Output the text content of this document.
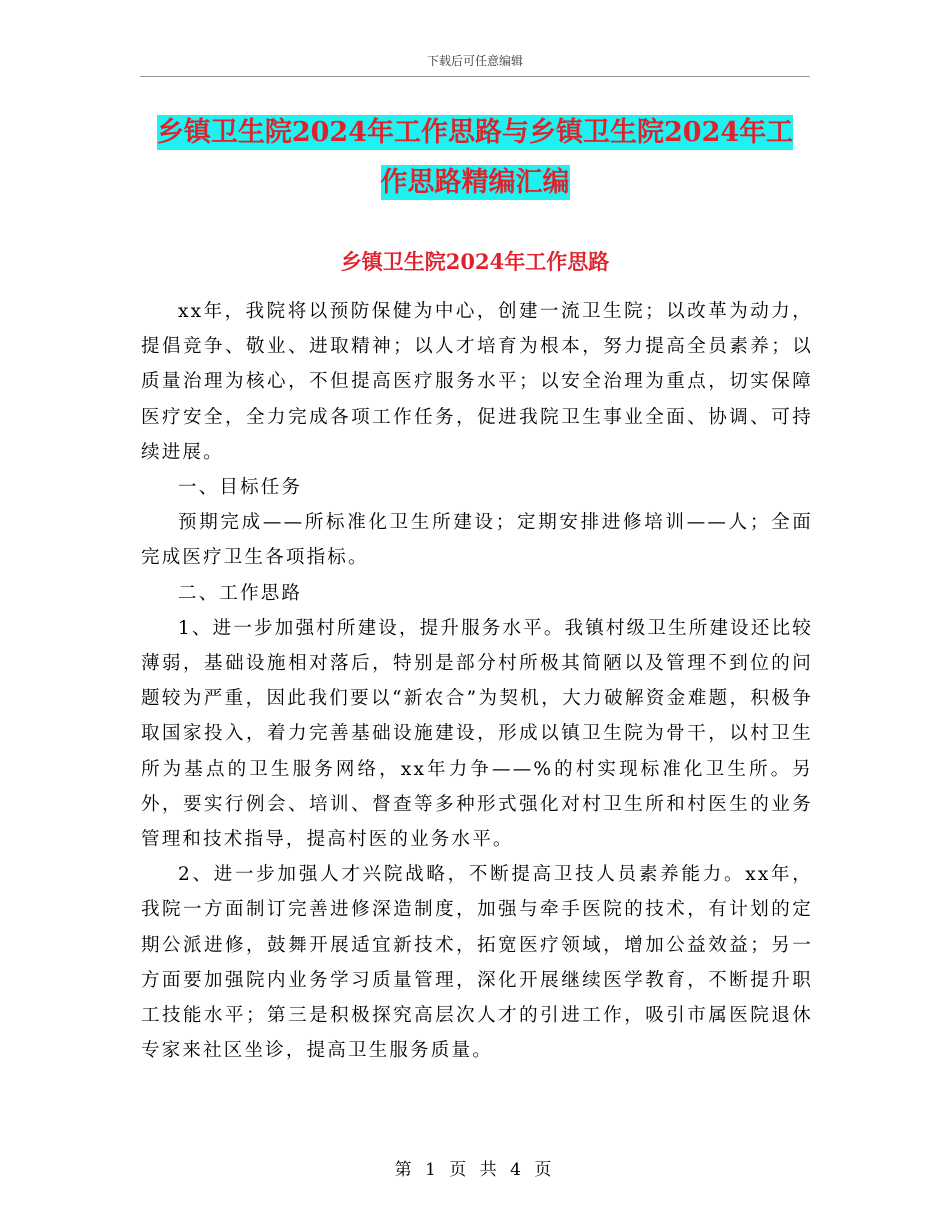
下载后可任意编辑
乡镇卫生院2024年工作思路与乡镇卫生院2024年工
作思路精编汇编
乡镇卫生院2024年工作思路

xx年，我院将以预防保健为中心，创建一流卫生院；以改革为动力，提倡竞争、敬业、进取精神；以人才培育为根本，努力提高全员素养；以质量治理为核心，不但提高医疗服务水平；以安全治理为重点，切实保障医疗安全，全力完成各项工作任务，促进我院卫生事业全面、协调、可持续进展。

一、目标任务

预期完成——所标准化卫生所建设；定期安排进修培训——人；全面完成医疗卫生各项指标。

二、工作思路

1、进一步加强村所建设，提升服务水平。我镇村级卫生所建设还比较薄弱，基础设施相对落后，特别是部分村所极其简陋以及管理不到位的问题较为严重，因此我们要以“新农合”为契机，大力破解资金难题，积极争取国家投入，着力完善基础设施建设，形成以镇卫生院为骨干，以村卫生所为基点的卫生服务网络，xx年力争——%的村实现标准化卫生所。另外，要实行例会、培训、督查等多种形式强化对村卫生所和村医生的业务管理和技术指导，提高村医的业务水平。

2、进一步加强人才兴院战略，不断提高卫技人员素养能力。xx年，我院一方面制订完善进修深造制度，加强与牵手医院的技术，有计划的定期公派进修，鼓舞开展适宜新技术，拓宽医疗领域，增加公益效益；另一方面要加强院内业务学习质量管理，深化开展继续医学教育，不断提升职工技能水平；第三是积极探究高层次人才的引进工作，吸引市属医院退休专家来社区坐诊，提高卫生服务质量。

第 1 页 共 4 页
